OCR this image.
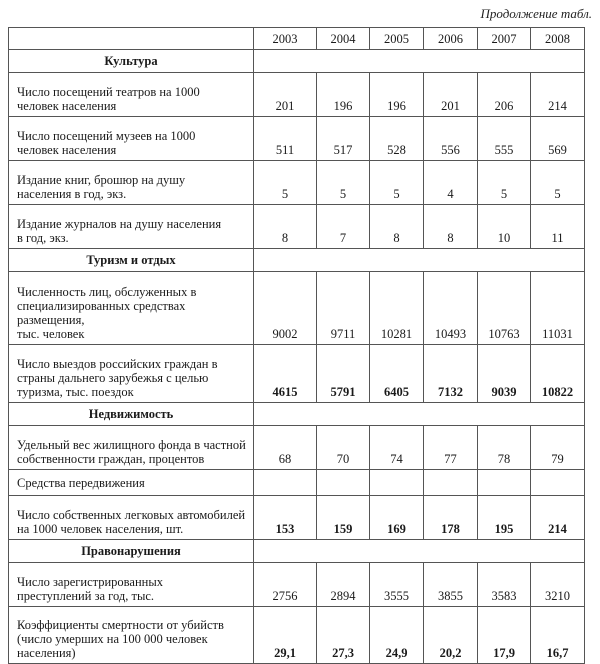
Продолжение табл.
	2003	2004	2005	2006	2007	2008
Культура						

Число посещений театров на 1000
человек населения	201	196	196	201	206	214

Число посещений музеев на 1000
человек населения	511	517	528	556	555	569

Издание книг, брошюр на душу
населения в год, экз.	5	5	5	4	5	5

Издание журналов на душу населения
в год, экз.	8	7	8	8	10	11
Туризм и отдых						

Численность лиц, обслуженных в
специализированных средствах
размещения,
тыс. человек	9002	9711	10281	10493	10763	11031

Число выездов российских граждан в
страны дальнего зарубежья с целью
туризма, тыс. поездок	4615	5791	6405	7132	9039	10822
Недвижимость						

Удельный вес жилищного фонда в частной
собственности граждан, процентов	68	70	74	77	78	79

Средства передвижения						

Число собственных легковых автомобилей
на 1000 человек населения, шт.	153	159	169	178	195	214
Правонарушения						

Число зарегистрированных
преступлений за год, тыс.	2756	2894	3555	3855	3583	3210

Коэффициенты смертности от убийств
(число умерших на 100 000 человек
населения)	29,1	27,3	24,9	20,2	17,9	16,7
